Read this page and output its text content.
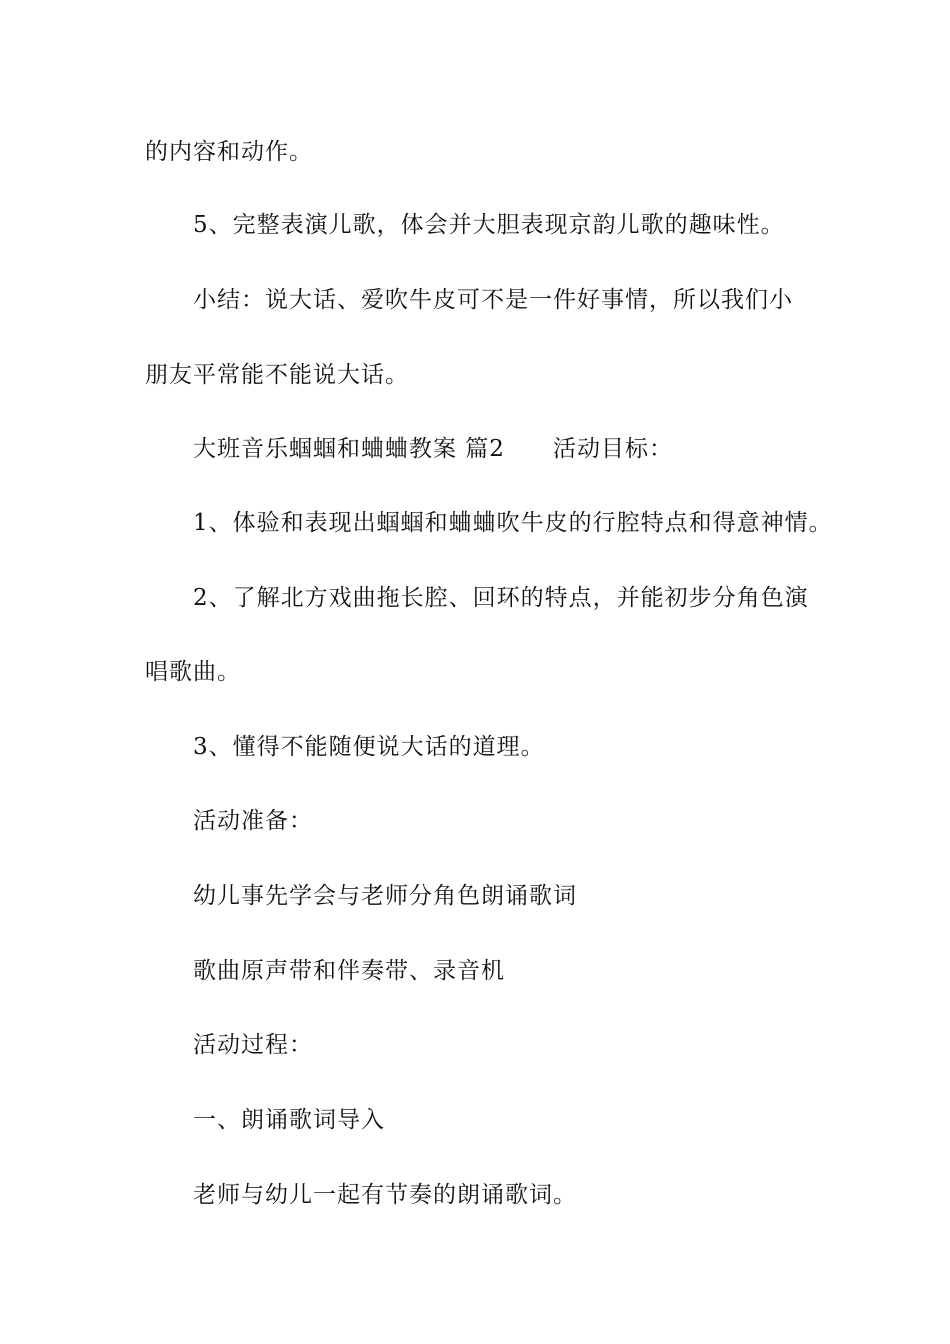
的内容和动作。

5、完整表演儿歌，体会并大胆表现京韵儿歌的趣味性。

小结：说大话、爱吹牛皮可不是一件好事情，所以我们小

朋友平常能不能说大话。

大班音乐蝈蝈和蛐蛐教案 篇2 活动目标：

1、体验和表现出蝈蝈和蛐蛐吹牛皮的行腔特点和得意神情。

2、了解北方戏曲拖长腔、回环的特点，并能初步分角色演

唱歌曲。

3、懂得不能随便说大话的道理。

活动准备：

幼儿事先学会与老师分角色朗诵歌词

歌曲原声带和伴奏带、录音机

活动过程：

一、朗诵歌词导入

老师与幼儿一起有节奏的朗诵歌词。
